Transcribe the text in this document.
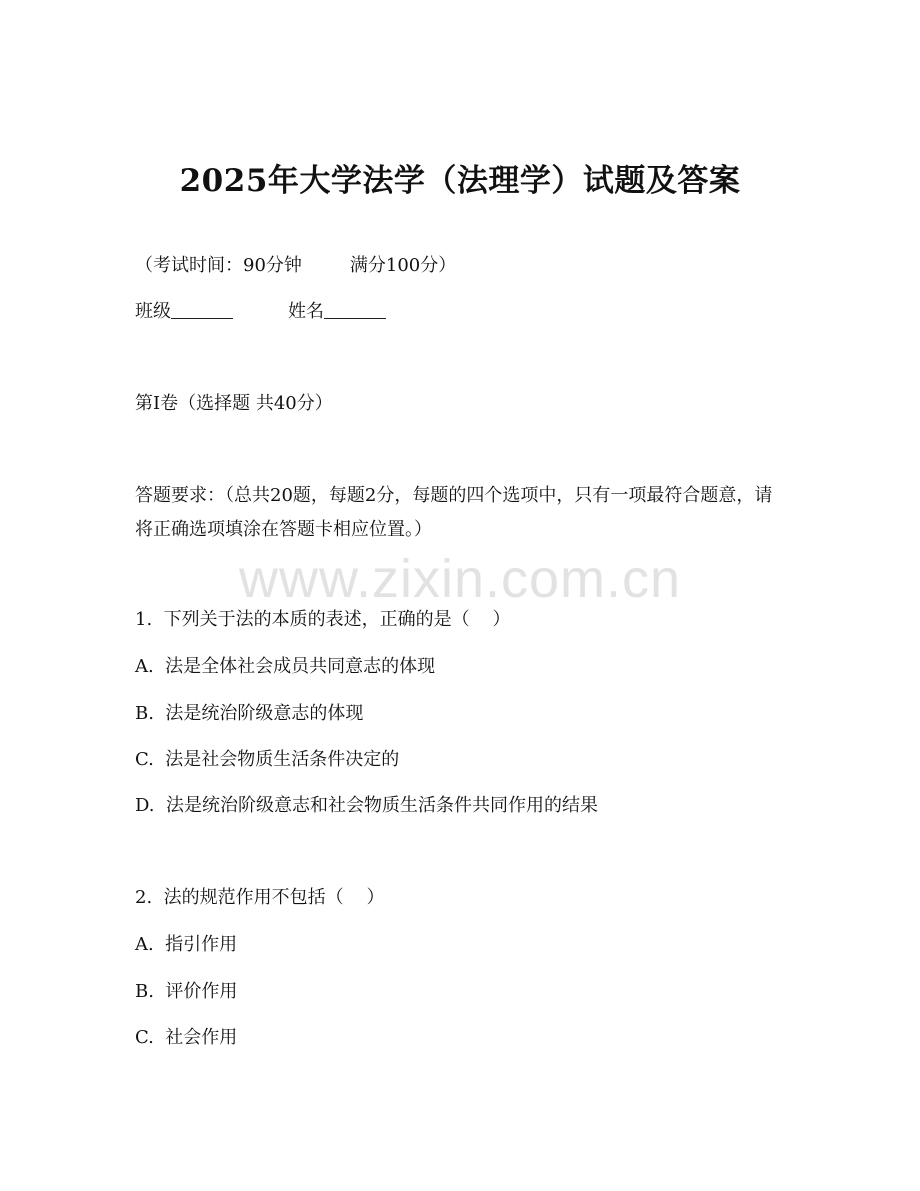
2025年大学法学（法理学）试题及答案
（考试时间：90分钟	满分100分）
班级	姓名
第Ⅰ卷（选择题 共40分）
答题要求：（总共20题，每题2分，每题的四个选项中，只有一项最符合题意，请将正确选项填涂在答题卡相应位置。）
1.  下列关于法的本质的表述，正确的是（    ）
A.  法是全体社会成员共同意志的体现
B.  法是统治阶级意志的体现
C.  法是社会物质生活条件决定的
D.  法是统治阶级意志和社会物质生活条件共同作用的结果
2.  法的规范作用不包括（    ）
A.  指引作用
B.  评价作用
C.  社会作用
www.zixin.com.cn
